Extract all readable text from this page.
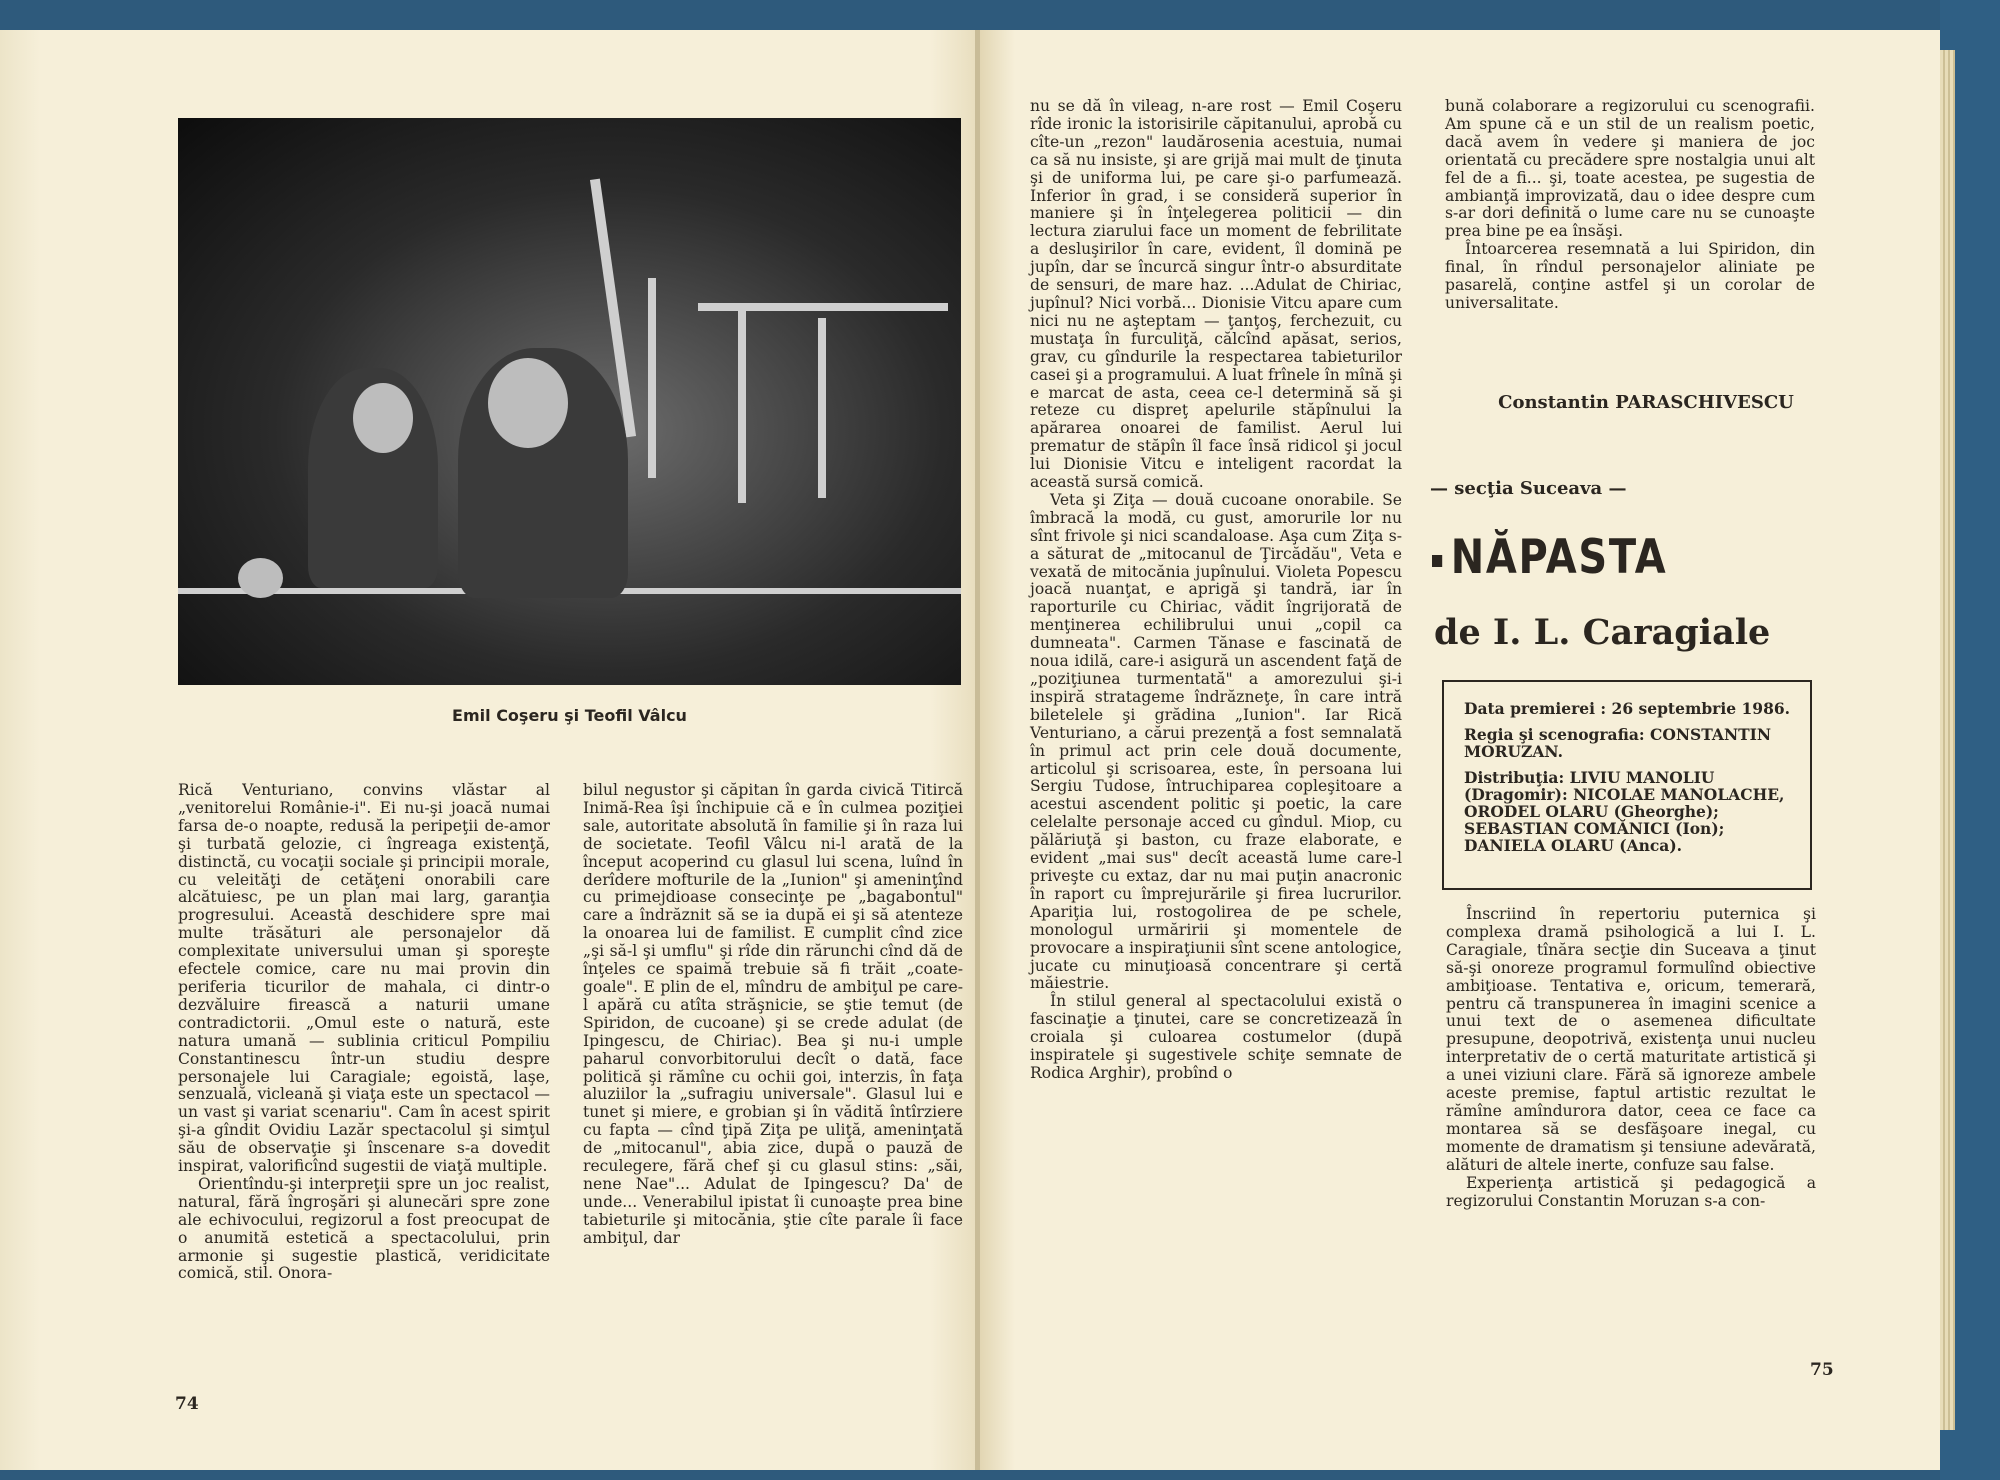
Emil Coşeru şi Teofil Vâlcu

Rică Venturiano, convins vlăstar al „venitorelui Românie‑i". Ei nu-şi joacă numai farsa de-o noapte, redusă la peripeţii de-amor şi turbată gelozie, ci îngreaga existenţă, distinctă, cu vocaţii sociale şi principii morale, cu veleităţi de cetăţeni onorabili care alcătuiesc, pe un plan mai larg, garanţia progresului. Această deschidere spre mai multe trăsături ale personajelor dă complexitate universului uman şi sporeşte efectele comice, care nu mai provin din periferia ticurilor de mahala, ci dintr-o dezvăluire firească a naturii umane contradictorii. „Omul este o natură, este natura umană — sublinia criticul Pompiliu Constantinescu într-un studiu despre personajele lui Caragiale; egoistă, laşe, senzuală, vicleană şi viaţa este un spectacol — un vast şi variat scenariu". Cam în acest spirit şi-a gîndit Ovidiu Lazăr spectacolul şi simţul său de observaţie şi înscenare s-a dovedit inspirat, valorificînd sugestii de viaţă multiple.

Orientîndu-şi interpreţii spre un joc realist, natural, fără îngroşări şi alunecări spre zone ale echivocului, regizorul a fost preocupat de o anumită estetică a spectacolului, prin armonie şi sugestie plastică, veridicitate comică, stil. Onora-

bilul negustor şi căpitan în garda civică Titircă Inimă-Rea îşi închipuie că e în culmea poziţiei sale, autoritate absolută în familie şi în raza lui de societate. Teofil Vâlcu ni-l arată de la început acoperind cu glasul lui scena, luînd în derîdere mofturile de la „Iunion" şi ameninţînd cu primejdioase consecinţe pe „bagabontul" care a îndrăznit să se ia după ei şi să atenteze la onoarea lui de familist. E cumplit cînd zice „şi să-l şi umflu" şi rîde din rărunchi cînd dă de înţeles ce spaimă trebuie să fi trăit „coate-goale". E plin de el, mîndru de ambiţul pe care-l apără cu atîta străşnicie, se ştie temut (de Spiridon, de cucoane) şi se crede adulat (de Ipingescu, de Chiriac). Bea şi nu-i umple paharul convorbitorului decît o dată, face politică şi rămîne cu ochii goi, interzis, în faţa aluziilor la „sufragiu universale". Glasul lui e tunet şi miere, e grobian şi în vădită întîrziere cu fapta — cînd ţipă Ziţa pe uliţă, ameninţată de „mitocanul", abia zice, după o pauză de reculegere, fără chef şi cu glasul stins: „săi, nene Nae"... Adulat de Ipingescu? Da' de unde... Venerabilul ipistat îi cunoaşte prea bine tabieturile şi mitocănia, ştie cîte parale îi face ambiţul, dar

74

nu se dă în vileag, n-are rost — Emil Coşeru rîde ironic la istorisirile căpitanului, aprobă cu cîte-un „rezon" laudărosenia acestuia, numai ca să nu insiste, şi are grijă mai mult de ţinuta şi de uniforma lui, pe care şi-o parfumează. Inferior în grad, i se consideră superior în maniere şi în înţelegerea politicii — din lectura ziarului face un moment de febrilitate a desluşirilor în care, evident, îl domină pe jupîn, dar se încurcă singur într-o absurditate de sensuri, de mare haz. ...Adulat de Chiriac, jupînul? Nici vorbă... Dionisie Vitcu apare cum nici nu ne aşteptam — ţanţoş, ferchezuit, cu mustaţa în furculiţă, călcînd apăsat, serios, grav, cu gîndurile la respectarea tabieturilor casei şi a programului. A luat frînele în mînă şi e marcat de asta, ceea ce-l determină să şi reteze cu dispreţ apelurile stăpînului la apărarea onoarei de familist. Aerul lui prematur de stăpîn îl face însă ridicol şi jocul lui Dionisie Vitcu e inteligent racordat la această sursă comică.

Veta şi Ziţa — două cucoane onorabile. Se îmbracă la modă, cu gust, amorurile lor nu sînt frivole şi nici scandaloase. Aşa cum Ziţa s-a săturat de „mitocanul de Ţircădău", Veta e vexată de mitocănia jupînului. Violeta Popescu joacă nuanţat, e aprigă şi tandră, iar în raporturile cu Chiriac, vădit îngrijorată de menţinerea echilibrului unui „copil ca dumneata". Carmen Tănase e fascinată de noua idilă, care-i asigură un ascendent faţă de „poziţiunea turmentată" a amorezului şi-i inspiră stratageme îndrăzneţe, în care intră biletelele şi grădina „Iunion". Iar Rică Venturiano, a cărui prezenţă a fost semnalată în primul act prin cele două documente, articolul şi scrisoarea, este, în persoana lui Sergiu Tudose, întruchiparea copleşitoare a acestui ascendent politic şi poetic, la care celelalte personaje acced cu gîndul. Miop, cu pălăriuţă şi baston, cu fraze elaborate, e evident „mai sus" decît această lume care-l priveşte cu extaz, dar nu mai puţin anacronic în raport cu împrejurările şi firea lucrurilor. Apariţia lui, rostogolirea de pe schele, monologul urmăririi şi momentele de provocare a inspiraţiunii sînt scene antologice, jucate cu minuţioasă concentrare şi certă măiestrie.

În stilul general al spectacolului există o fascinaţie a ţinutei, care se concretizează în croiala şi culoarea costumelor (după inspiratele şi sugestivele schiţe semnate de Rodica Arghir), probînd o

bună colaborare a regizorului cu scenografii. Am spune că e un stil de un realism poetic, dacă avem în vedere şi maniera de joc orientată cu precădere spre nostalgia unui alt fel de a fi... şi, toate acestea, pe sugestia de ambianţă improvizată, dau o idee despre cum s-ar dori definită o lume care nu se cunoaşte prea bine pe ea însăşi.

Întoarcerea resemnată a lui Spiridon, din final, în rîndul personajelor aliniate pe pasarelă, conţine astfel şi un corolar de universalitate.

75
Constantin PARASCHIVESCU
— secţia Suceava —
NĂPASTA
de I. L. Caragiale

Data premierei : 26 septembrie 1986.

Regia şi scenografia: CONSTANTIN MORUZAN.

Distribuţia: LIVIU MANOLIU (Dragomir): NICOLAE MANOLACHE, ORODEL OLARU (Gheorghe); SEBASTIAN COMĂNICI (Ion); DANIELA OLARU (Anca).

Înscriind în repertoriu puternica şi complexa dramă psihologică a lui I. L. Caragiale, tînăra secţie din Suceava a ţinut să-şi onoreze programul formulînd obiective ambiţioase. Tentativa e, oricum, temerară, pentru că transpunerea în imagini scenice a unui text de o asemenea dificultate presupune, deopotrivă, existenţa unui nucleu interpretativ de o certă maturitate artistică şi a unei viziuni clare. Fără să ignoreze ambele aceste premise, faptul artistic rezultat le rămîne amîndurora dator, ceea ce face ca montarea să se desfăşoare inegal, cu momente de dramatism şi tensiune adevărată, alături de altele inerte, confuze sau false.

Experienţa artistică şi pedagogică a regizorului Constantin Moruzan s-a con-
